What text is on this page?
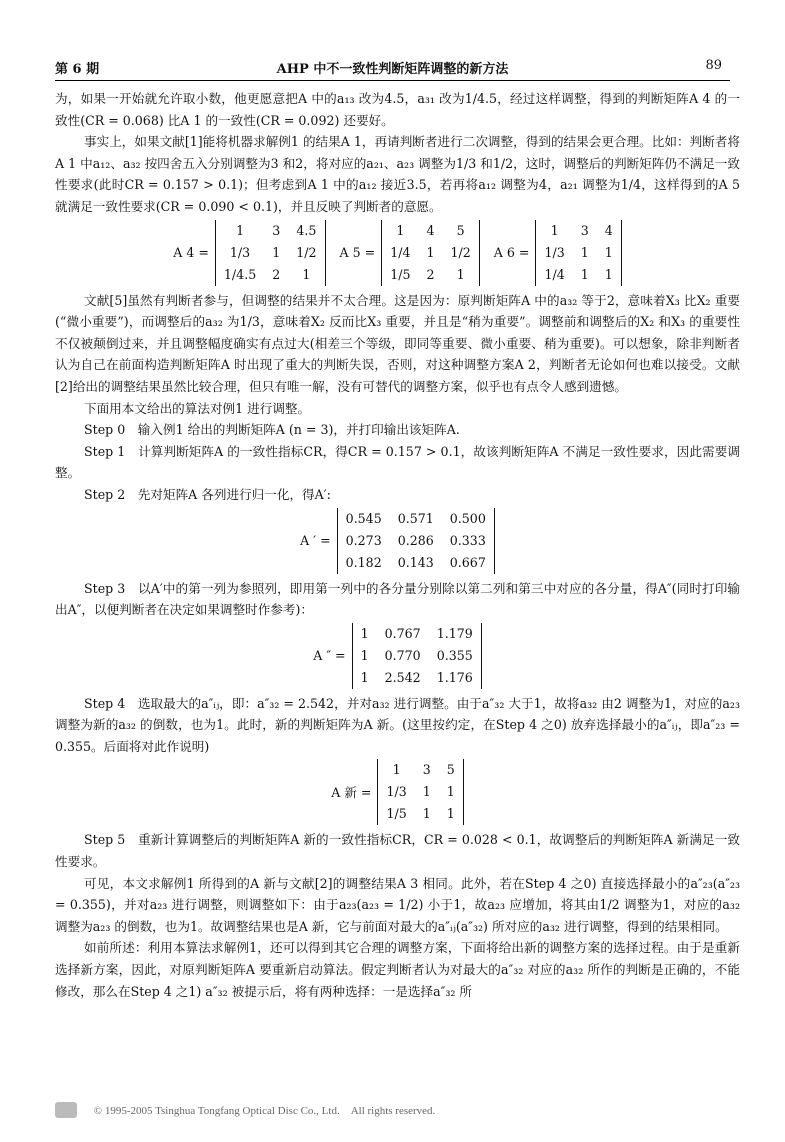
第 6 期	AHP 中不一致性判断矩阵调整的新方法	89

为，如果一开始就允许取小数，他更愿意把A 中的a₁₃ 改为4.5，a₃₁ 改为1/4.5，经过这样调整，得到的判断矩阵A 4 的一致性(CR = 0.068) 比A 1 的一致性(CR = 0.092) 还要好。

事实上，如果文献[1]能将机器求解例1 的结果A 1，再请判断者进行二次调整，得到的结果会更合理。比如：判断者将A 1 中a₁₂、a₃₂ 按四舍五入分别调整为3 和2，将对应的a₂₁、a₂₃ 调整为1/3 和1/2，这时，调整后的判断矩阵仍不满足一致性要求(此时CR = 0.157 > 0.1)；但考虑到A 1 中的a₁₂ 接近3.5，若再将a₁₂ 调整为4，a₂₁ 调整为1/4，这样得到的A 5 就满足一致性要求(CR = 0.090 < 0.1)，并且反映了判断者的意愿。

A 4 =
1	3	4.5
1/3	1	1/2
1/4.5	2	1
A 5 =
1	4	5
1/4	1	1/2
1/5	2	1
A 6 =
1	3	4
1/3	1	1
1/4	1	1

文献[5]虽然有判断者参与，但调整的结果并不太合理。这是因为：原判断矩阵A 中的a₃₂ 等于2，意味着X₃ 比X₂ 重要(“微小重要”)，而调整后的a₃₂ 为1/3，意味着X₂ 反而比X₃ 重要，并且是“稍为重要”。调整前和调整后的X₂ 和X₃ 的重要性不仅被颠倒过来，并且调整幅度确实有点过大(相差三个等级，即同等重要、微小重要、稍为重要)。可以想象，除非判断者认为自己在前面构造判断矩阵A 时出现了重大的判断失误，否则，对这种调整方案A 2，判断者无论如何也难以接受。文献[2]给出的调整结果虽然比较合理，但只有唯一解，没有可替代的调整方案，似乎也有点令人感到遗憾。

下面用本文给出的算法对例1 进行调整。

Step 0　输入例1 给出的判断矩阵A (n = 3)，并打印输出该矩阵A.

Step 1　计算判断矩阵A 的一致性指标CR，得CR = 0.157 > 0.1，故该判断矩阵A 不满足一致性要求，因此需要调整。

Step 2　先对矩阵A 各列进行归一化，得A′:

A ′ =
0.545	0.571	0.500
0.273	0.286	0.333
0.182	0.143	0.667

Step 3　以A′中的第一列为参照列，即用第一列中的各分量分别除以第二列和第三中对应的各分量，得A″(同时打印输出A″，以便判断者在决定如果调整时作参考)：

A ″ =
1	0.767	1.179
1	0.770	0.355
1	2.542	1.176

Step 4　选取最大的a″ᵢⱼ，即：a″₃₂ = 2.542，并对a₃₂ 进行调整。由于a″₃₂ 大于1，故将a₃₂ 由2 调整为1，对应的a₂₃ 调整为新的a₃₂ 的倒数，也为1。此时，新的判断矩阵为A 新。(这里按约定，在Step 4 之0) 放弃选择最小的a″ᵢⱼ，即a″₂₃ = 0.355。后面将对此作说明)

A 新 =
1	3	5
1/3	1	1
1/5	1	1

Step 5　重新计算调整后的判断矩阵A 新的一致性指标CR，CR = 0.028 < 0.1，故调整后的判断矩阵A 新满足一致性要求。

可见，本文求解例1 所得到的A 新与文献[2]的调整结果A 3 相同。此外，若在Step 4 之0) 直接选择最小的a″₂₃(a″₂₃ = 0.355)，并对a₂₃ 进行调整，则调整如下：由于a₂₃(a₂₃ = 1/2) 小于1，故a₂₃ 应增加，将其由1/2 调整为1，对应的a₃₂ 调整为a₂₃ 的倒数，也为1。故调整结果也是A 新，它与前面对最大的a″ᵢⱼ(a″₃₂) 所对应的a₃₂ 进行调整，得到的结果相同。

如前所述：利用本算法求解例1，还可以得到其它合理的调整方案，下面将给出新的调整方案的选择过程。由于是重新选择新方案，因此，对原判断矩阵A 要重新启动算法。假定判断者认为对最大的a″₃₂ 对应的a₃₂ 所作的判断是正确的，不能修改，那么在Step 4 之1) a″₃₂ 被提示后，将有两种选择：一是选择a″₃₂ 所

© 1995-2005 Tsinghua Tongfang Optical Disc Co., Ltd.　All rights reserved.
